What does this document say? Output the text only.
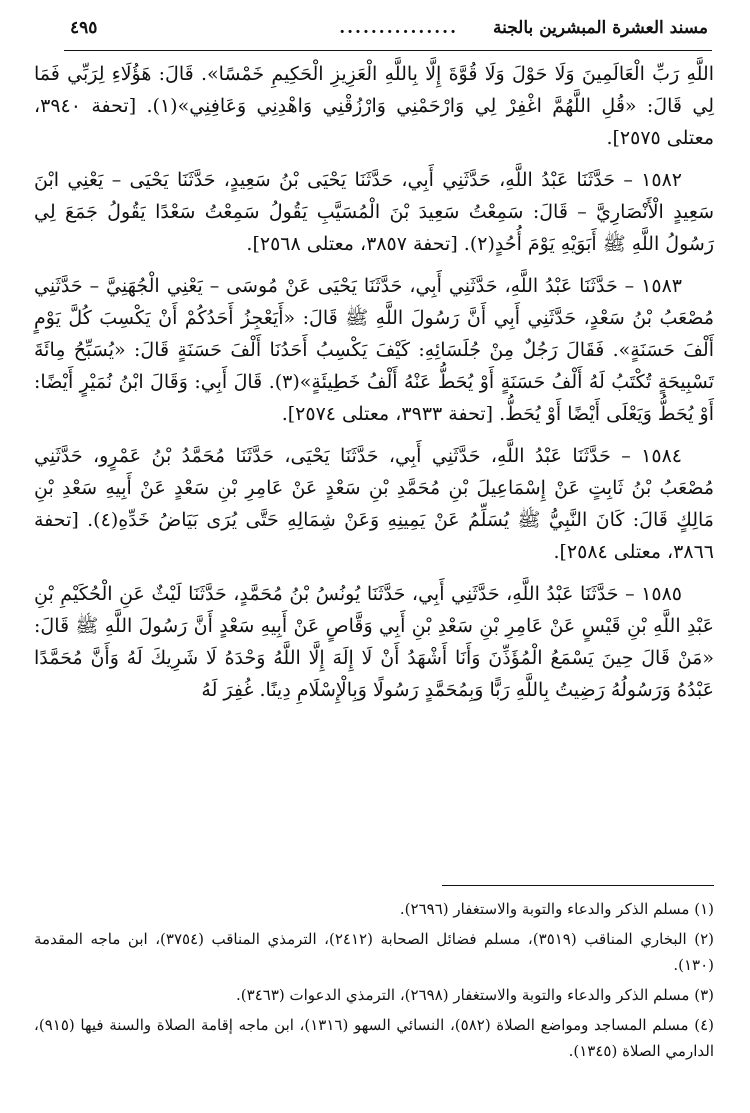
مسند العشرة المبشرين بالجنة
...............
٤٩٥

اللَّهِ رَبِّ الْعَالَمِينَ وَلَا حَوْلَ وَلَا قُوَّةَ إِلَّا بِاللَّهِ الْعَزِيزِ الْحَكِيمِ خَمْسًا». قَالَ: هَؤُلَاءِ لِرَبِّي فَمَا لِي قَالَ: «قُلِ اللَّهُمَّ اغْفِرْ لِي وَارْحَمْنِي وَارْزُقْنِي وَاهْدِنِي وَعَافِنِي»(١). [تحفة ٣٩٤٠، معتلى ٢٥٧٥].

١٥٨٢ – حَدَّثَنَا عَبْدُ اللَّهِ، حَدَّثَنِي أَبِي، حَدَّثَنَا يَحْيَى بْنُ سَعِيدٍ، حَدَّثَنَا يَحْيَى – يَعْنِي ابْنَ سَعِيدٍ الْأَنْصَارِيَّ – قَالَ: سَمِعْتُ سَعِيدَ بْنَ الْمُسَيَّبِ يَقُولُ سَمِعْتُ سَعْدًا يَقُولُ جَمَعَ لِي رَسُولُ اللَّهِ ﷺ أَبَوَيْهِ يَوْمَ أُحُدٍ(٢). [تحفة ٣٨٥٧، معتلى ٢٥٦٨].

١٥٨٣ – حَدَّثَنَا عَبْدُ اللَّهِ، حَدَّثَنِي أَبِي، حَدَّثَنَا يَحْيَى عَنْ مُوسَى – يَعْنِي الْجُهَنِيَّ – حَدَّثَنِي مُصْعَبُ بْنُ سَعْدٍ، حَدَّثَنِي أَبِي أَنَّ رَسُولَ اللَّهِ ﷺ قَالَ: «أَيَعْجِزُ أَحَدُكُمْ أَنْ يَكْسِبَ كُلَّ يَوْمٍ أَلْفَ حَسَنَةٍ». فَقَالَ رَجُلٌ مِنْ جُلَسَائِهِ: كَيْفَ يَكْسِبُ أَحَدُنَا أَلْفَ حَسَنَةٍ قَالَ: «يُسَبِّحُ مِائَةَ تَسْبِيحَةٍ تُكْتَبُ لَهُ أَلْفُ حَسَنَةٍ أَوْ يُحَطُّ عَنْهُ أَلْفُ خَطِيئَةٍ»(٣). قَالَ أَبِي: وَقَالَ ابْنُ نُمَيْرٍ أَيْضًا: أَوْ يُحَطُّ وَيَعْلَى أَيْضًا أَوْ يُحَطُّ. [تحفة ٣٩٣٣، معتلى ٢٥٧٤].

١٥٨٤ – حَدَّثَنَا عَبْدُ اللَّهِ، حَدَّثَنِي أَبِي، حَدَّثَنَا يَحْيَى، حَدَّثَنَا مُحَمَّدُ بْنُ عَمْرٍو، حَدَّثَنِي مُصْعَبُ بْنُ ثَابِتٍ عَنْ إِسْمَاعِيلَ بْنِ مُحَمَّدِ بْنِ سَعْدٍ عَنْ عَامِرِ بْنِ سَعْدٍ عَنْ أَبِيهِ سَعْدِ بْنِ مَالِكٍ قَالَ: كَانَ النَّبِيُّ ﷺ يُسَلِّمُ عَنْ يَمِينِهِ وَعَنْ شِمَالِهِ حَتَّى يُرَى بَيَاضُ خَدِّهِ(٤). [تحفة ٣٨٦٦، معتلى ٢٥٨٤].

١٥٨٥ – حَدَّثَنَا عَبْدُ اللَّهِ، حَدَّثَنِي أَبِي، حَدَّثَنَا يُونُسُ بْنُ مُحَمَّدٍ، حَدَّثَنَا لَيْثٌ عَنِ الْحُكَيْمِ بْنِ عَبْدِ اللَّهِ بْنِ قَيْسٍ عَنْ عَامِرِ بْنِ سَعْدِ بْنِ أَبِي وَقَّاصٍ عَنْ أَبِيهِ سَعْدٍ أَنَّ رَسُولَ اللَّهِ ﷺ قَالَ: «مَنْ قَالَ حِينَ يَسْمَعُ الْمُؤَذِّنَ وَأَنَا أَشْهَدُ أَنْ لَا إِلَهَ إِلَّا اللَّهُ وَحْدَهُ لَا شَرِيكَ لَهُ وَأَنَّ مُحَمَّدًا عَبْدُهُ وَرَسُولُهُ رَضِيتُ بِاللَّهِ رَبًّا وَبِمُحَمَّدٍ رَسُولًا وَبِالْإِسْلَامِ دِينًا. غُفِرَ لَهُ

(١) مسلم الذكر والدعاء والتوبة والاستغفار (٢٦٩٦).

(٢) البخاري المناقب (٣٥١٩)، مسلم فضائل الصحابة (٢٤١٢)، الترمذي المناقب (٣٧٥٤)، ابن ماجه المقدمة (١٣٠).

(٣) مسلم الذكر والدعاء والتوبة والاستغفار (٢٦٩٨)، الترمذي الدعوات (٣٤٦٣).

(٤) مسلم المساجد ومواضع الصلاة (٥٨٢)، النسائي السهو (١٣١٦)، ابن ماجه إقامة الصلاة والسنة فيها (٩١٥)، الدارمي الصلاة (١٣٤٥).
